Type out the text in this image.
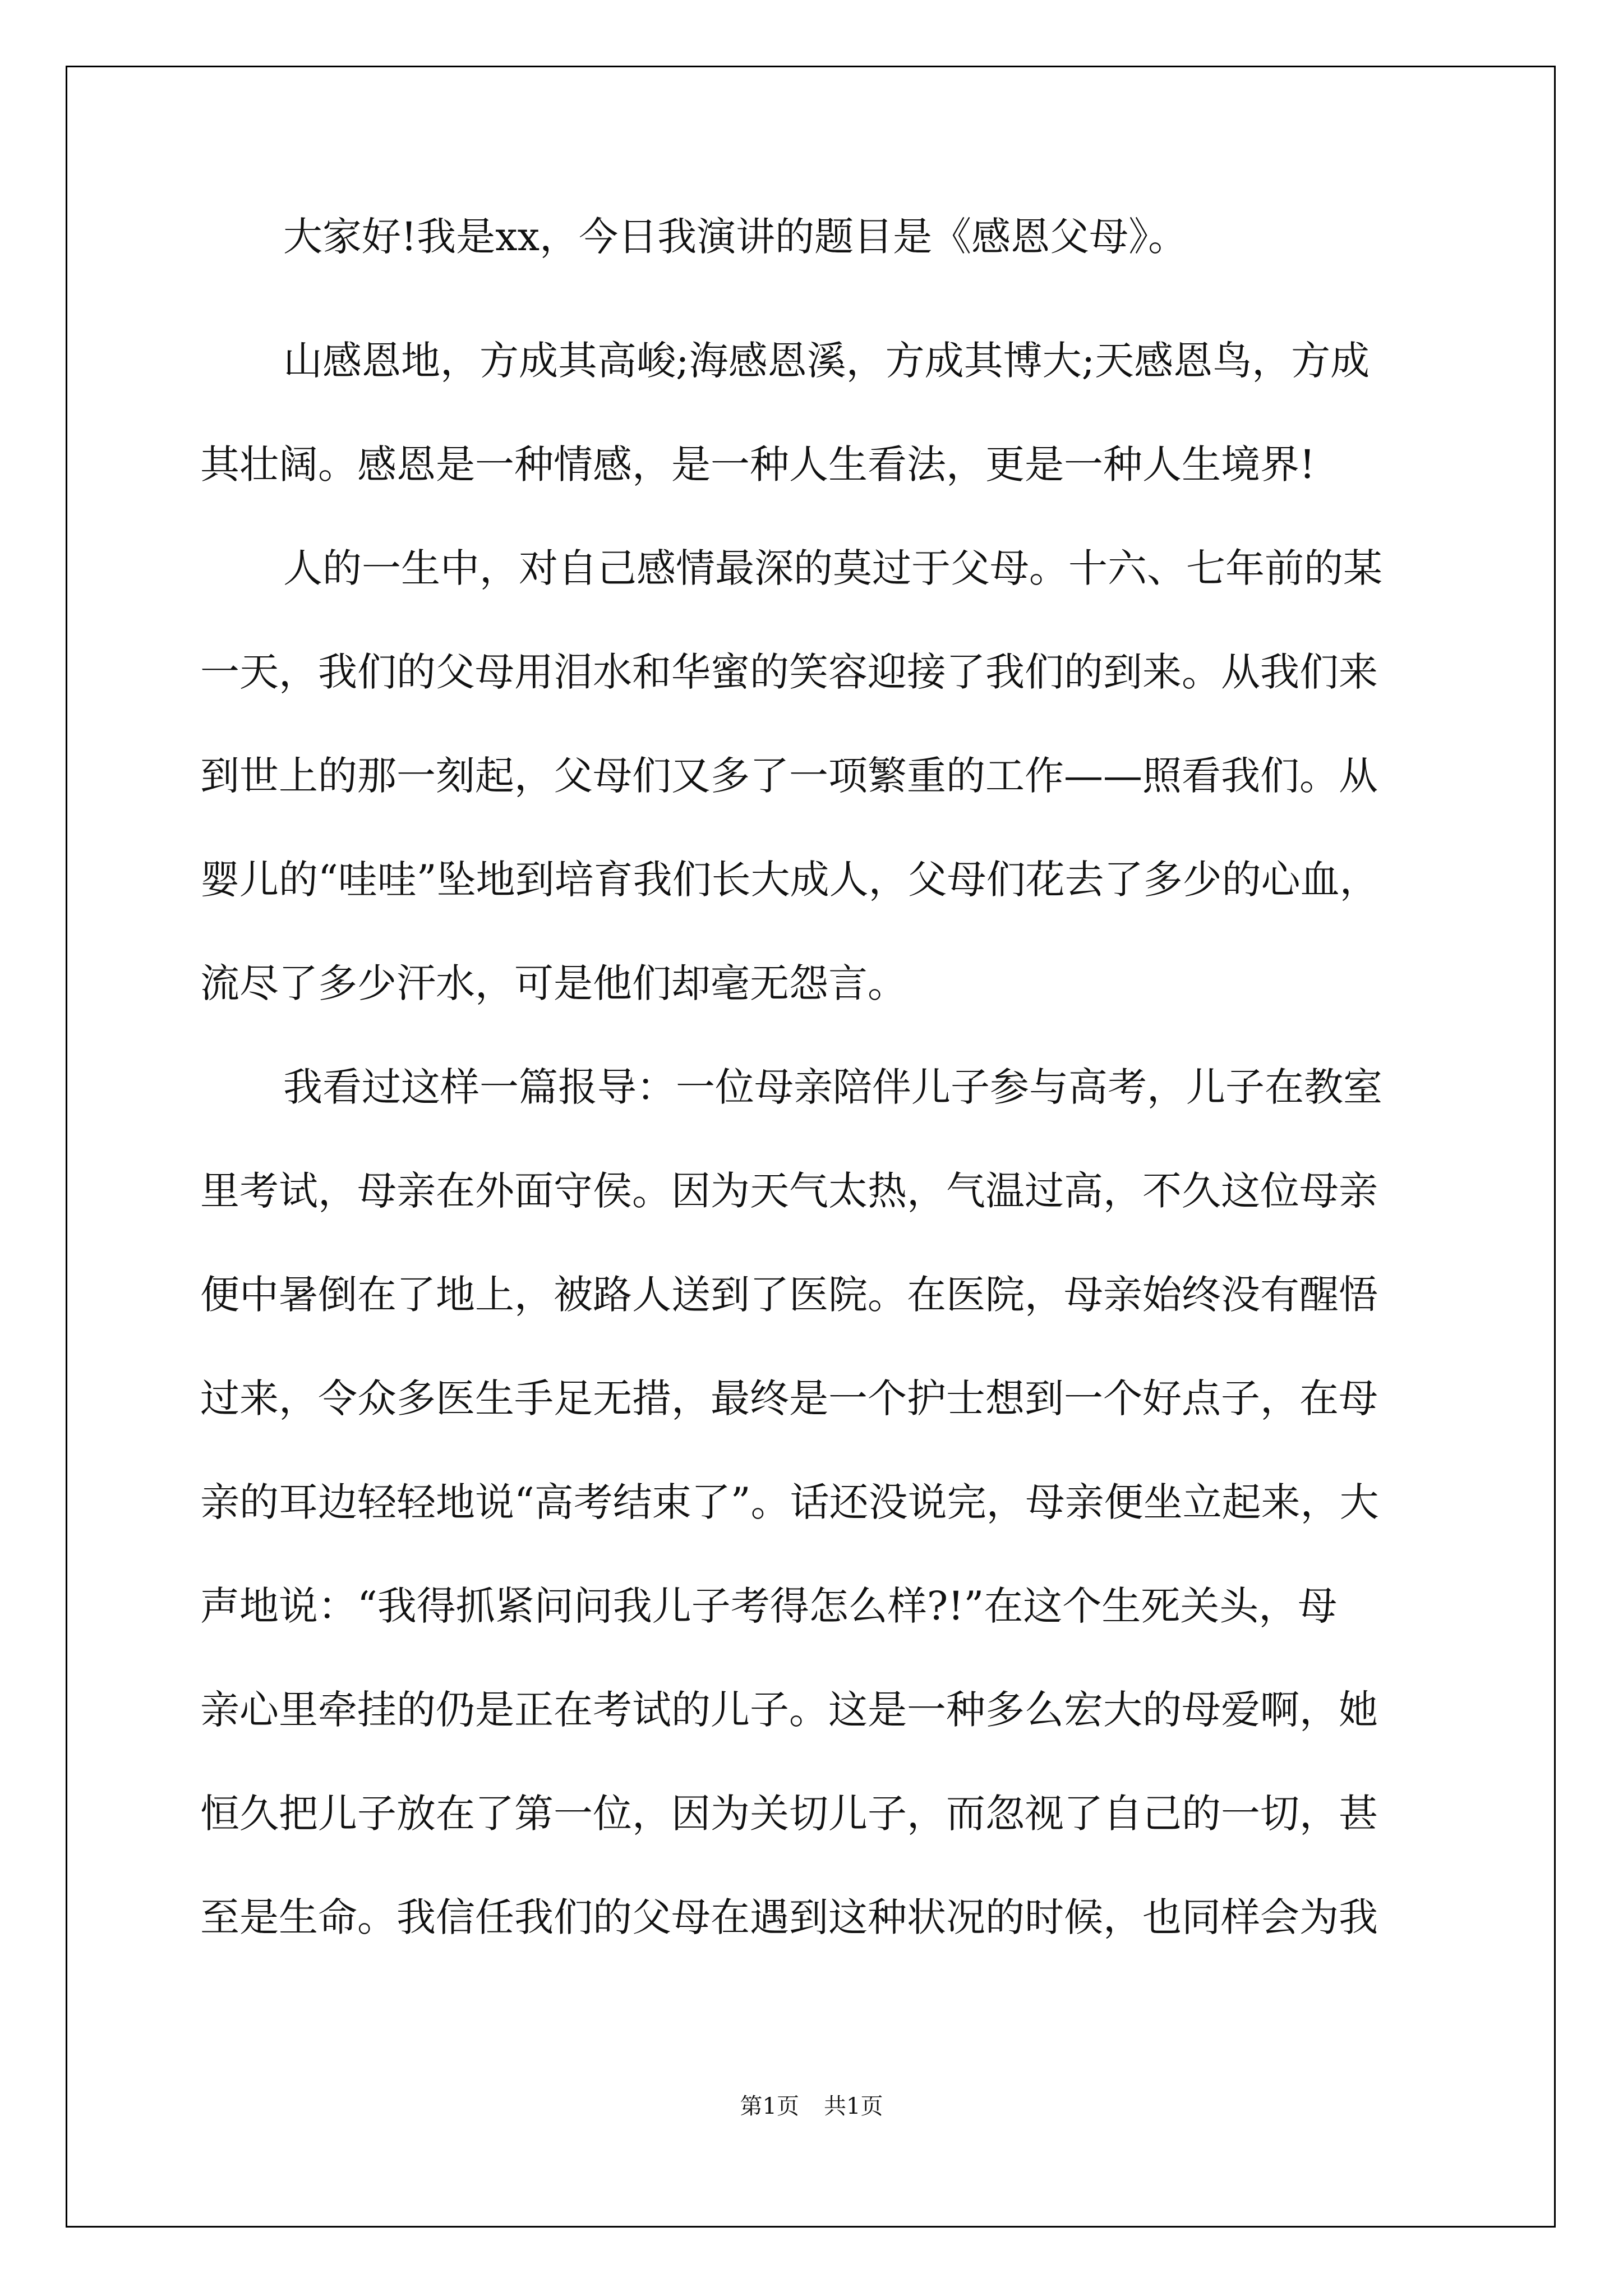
大家好!我是xx，今日我演讲的题目是《感恩父母》。

山感恩地，方成其高峻;海感恩溪，方成其博大;天感恩鸟，方成

其壮阔。感恩是一种情感，是一种人生看法，更是一种人生境界!

人的一生中，对自己感情最深的莫过于父母。十六、七年前的某

一天，我们的父母用泪水和华蜜的笑容迎接了我们的到来。从我们来

到世上的那一刻起，父母们又多了一项繁重的工作——照看我们。从

婴儿的“哇哇”坠地到培育我们长大成人，父母们花去了多少的心血，

流尽了多少汗水，可是他们却毫无怨言。

我看过这样一篇报导：一位母亲陪伴儿子参与高考，儿子在教室

里考试，母亲在外面守侯。因为天气太热，气温过高，不久这位母亲

便中暑倒在了地上，被路人送到了医院。在医院，母亲始终没有醒悟

过来，令众多医生手足无措，最终是一个护士想到一个好点子，在母

亲的耳边轻轻地说“高考结束了”。话还没说完，母亲便坐立起来，大

声地说：“我得抓紧问问我儿子考得怎么样?!”在这个生死关头，母

亲心里牵挂的仍是正在考试的儿子。这是一种多么宏大的母爱啊，她

恒久把儿子放在了第一位，因为关切儿子，而忽视了自己的一切，甚

至是生命。我信任我们的父母在遇到这种状况的时候，也同样会为我

第1页 共1页
